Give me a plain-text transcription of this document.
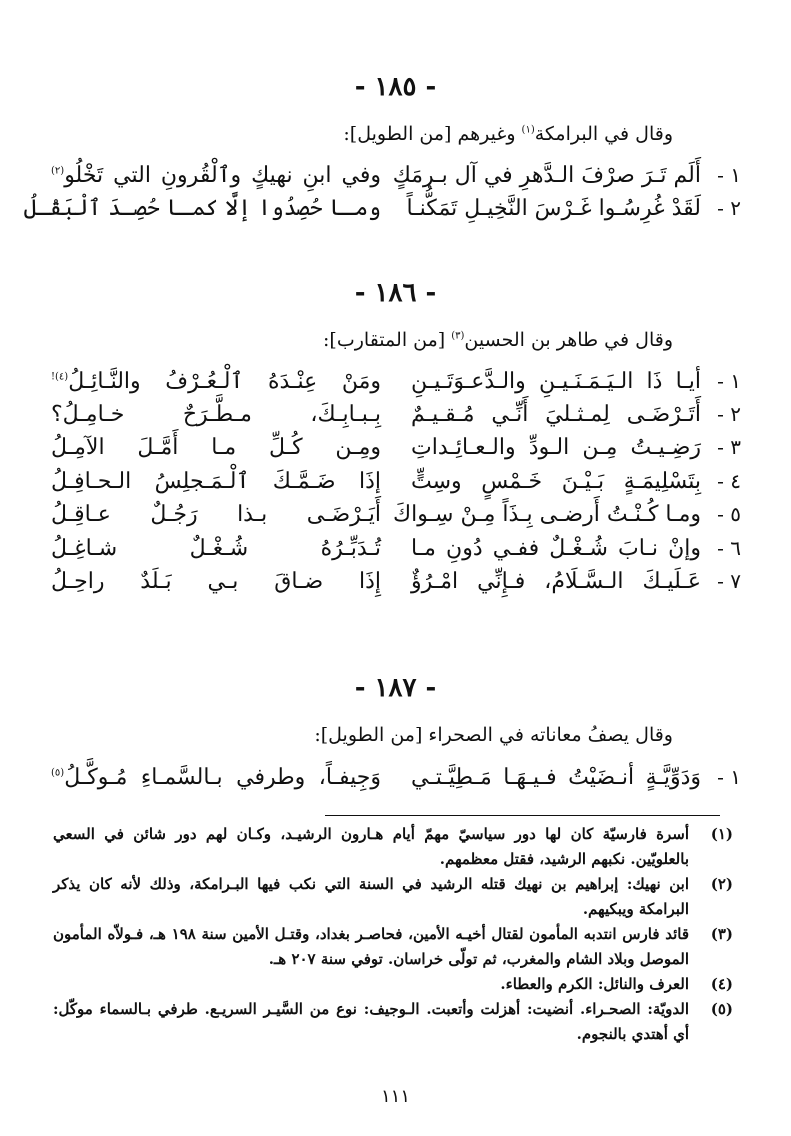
- ١٨٥ -
وقال في البرامكة$^{(١)}$ وغيرهم [من الطويل]:
١ -
أَلَم تَـرَ صرْفَ الـدَّهرِ في آل بـرمَكٍ
وفي ابنِ نهيكٍ وٱلْقُرونِ التي تَخْلُو$^{(٢)}$
٢ -
لَقَدْ غُرِسُـوا غَـرْسَ النَّخِيـلِ تَمَكُّنـاً
ومـا حُصِدُوا إلَّا كمـا حُصِـدَ ٱلْبَقْـلُ
- ١٨٦ -
وقال في طاهر بن الحسين$^{(٣)}$ [من المتقارب]:
١ -
أيـا ذَا الـيَـمَـنَـيـنِ والـدَّعـوَتَـيـنِ
ومَنْ عِنْـدَهُ ٱلْـعُـرْفُ والنَّـائِـلُ$^{(٤)!}$
٢ -
أَتَـرْضَـى لِمـثـليَ أَنِّـي مُـقـيـمٌ
بِـبـابِـكَ، مـطَّـرَحٌ خـامِـلُ؟
٣ -
رَضِـيـتُ مِـن الـودِّ والـعـائِـداتِ
ومِـن كُـلِّ مـا أَمَّـلَ الآمِـلُ
٤ -
بِتَسْلِيمَـةٍ بَـيْـنَ خَـمْسٍ وسِتٍّ
إذَا ضَـمَّـكَ ٱلْـمَـجلِسُ الـحـافِـلُ
٥ -
ومـا كُـنْـتُ أَرضـى بِـذَاً مِـنْ سِـواكَ
أَيَـرْضَـى بـذا رَجُـلٌ عـاقِـلُ
٦ -
وإنْ نـابَ شُـغْـلٌ ففـي دُونِ مـا
تُـدَبِّـرُهُ شُـغْـلٌ شـاغِـلُ
٧ -
عَـلَيـكَ الـسَّـلَامُ، فـإِنِّي امْـرُؤٌ
إِذَا ضـاقَ بـي بَـلَدٌ راحِـلُ
- ١٨٧ -
وقال يصفُ معاناته في الصحراء [من الطويل]:
١ -
وَدَوِّيَّـةٍ أنـضَيْتُ فـيـهَـا مَـطِيَّـتـي
وَجِيفـاً، وطرفي بـالسَّمـاءِ مُـوكَّـلُ$^{(٥)}$
(١)
أسرة فارسيّة كان لها دور سياسيّ مهمّ أيام هـارون الرشيـد، وكـان لهم دور شائن في السعي بالعلويّين. نكبهم الرشيد، فقتل معظمهم.
(٢)
ابن نهيك: إبراهيم بن نهيك قتله الرشيد في السنة التي نكب فيها البـرامكة، وذلك لأنه كان يذكر البرامكة ويبكيهم.
(٣)
قائد فارس انتدبه المأمون لقتال أخيـه الأمين، فحاصـر بغداد، وقتـل الأمين سنة ١٩٨ هـ، فـولاّه المأمون الموصل وبلاد الشام والمغرب، ثم تولّى خراسان. توفي سنة ٢٠٧ هـ.
(٤)
العرف والنائل: الكرم والعطاء.
(٥)
الدويّة: الصحـراء. أنضيت: أهزلت وأتعبت. الـوجيف: نوع من السَّيـر السريـع. طرفي بـالسماء موكّل: أي أهتدي بالنجوم.
١١١
